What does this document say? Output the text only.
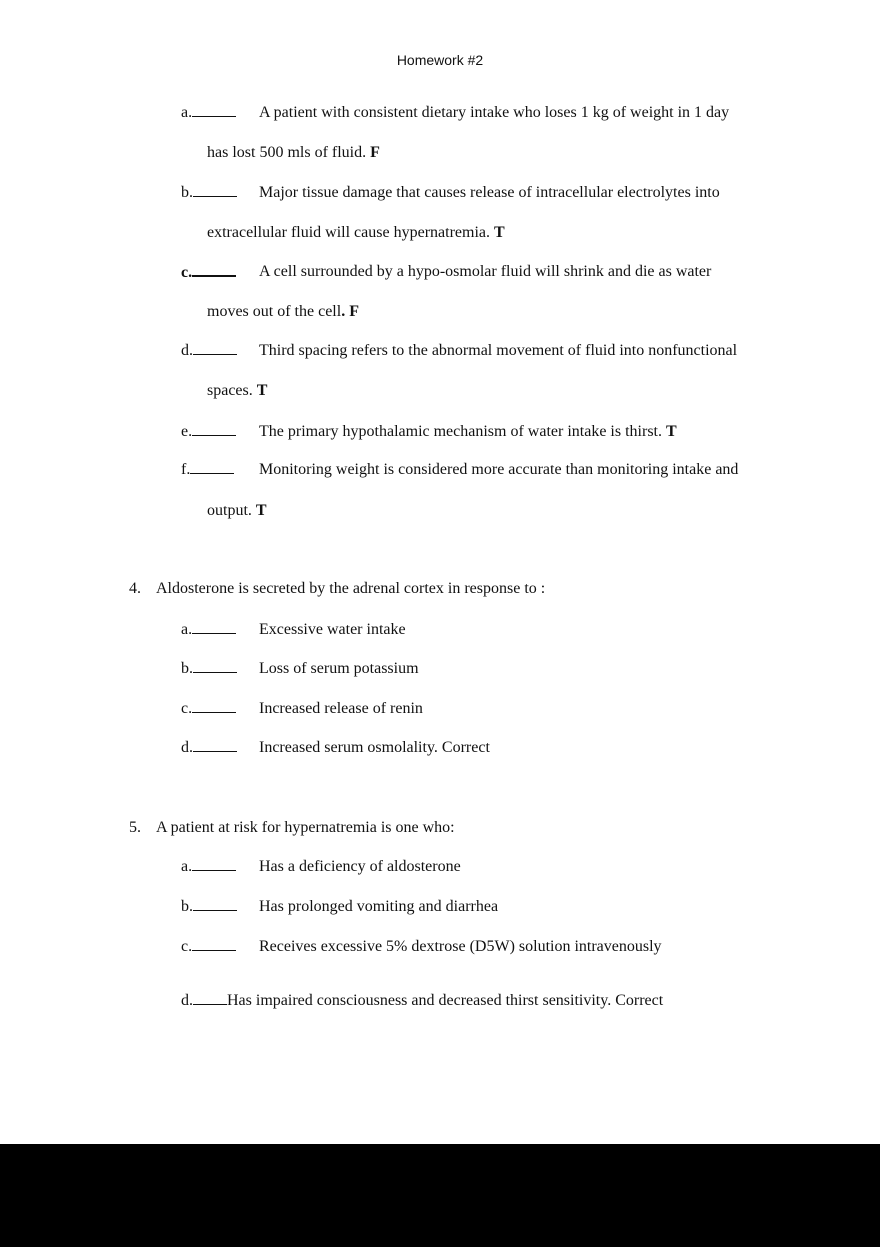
Homework #2
a.	A patient with consistent dietary intake who loses 1 kg of weight in 1 day
has lost 500 mls of fluid. F
b.	Major tissue damage that causes release of intracellular electrolytes into
extracellular fluid will cause hypernatremia. T
c.	A cell surrounded by a hypo-osmolar fluid will shrink and die as water
moves out of the cell. F
d.	Third spacing refers to the abnormal movement of fluid into nonfunctional
spaces. T
e.	The primary hypothalamic mechanism of water intake is thirst. T
f.	Monitoring weight is considered more accurate than monitoring intake and
output. T
4. Aldosterone is secreted by the adrenal cortex in response to :
a.	Excessive water intake
b.	Loss of serum potassium
c.	Increased release of renin
d.	Increased serum osmolality. Correct
5. A patient at risk for hypernatremia is one who:
a.	Has a deficiency of aldosterone
b.	Has prolonged vomiting and diarrhea
c.	Receives excessive 5% dextrose (D5W) solution intravenously
d. Has impaired consciousness and decreased thirst sensitivity. Correct
